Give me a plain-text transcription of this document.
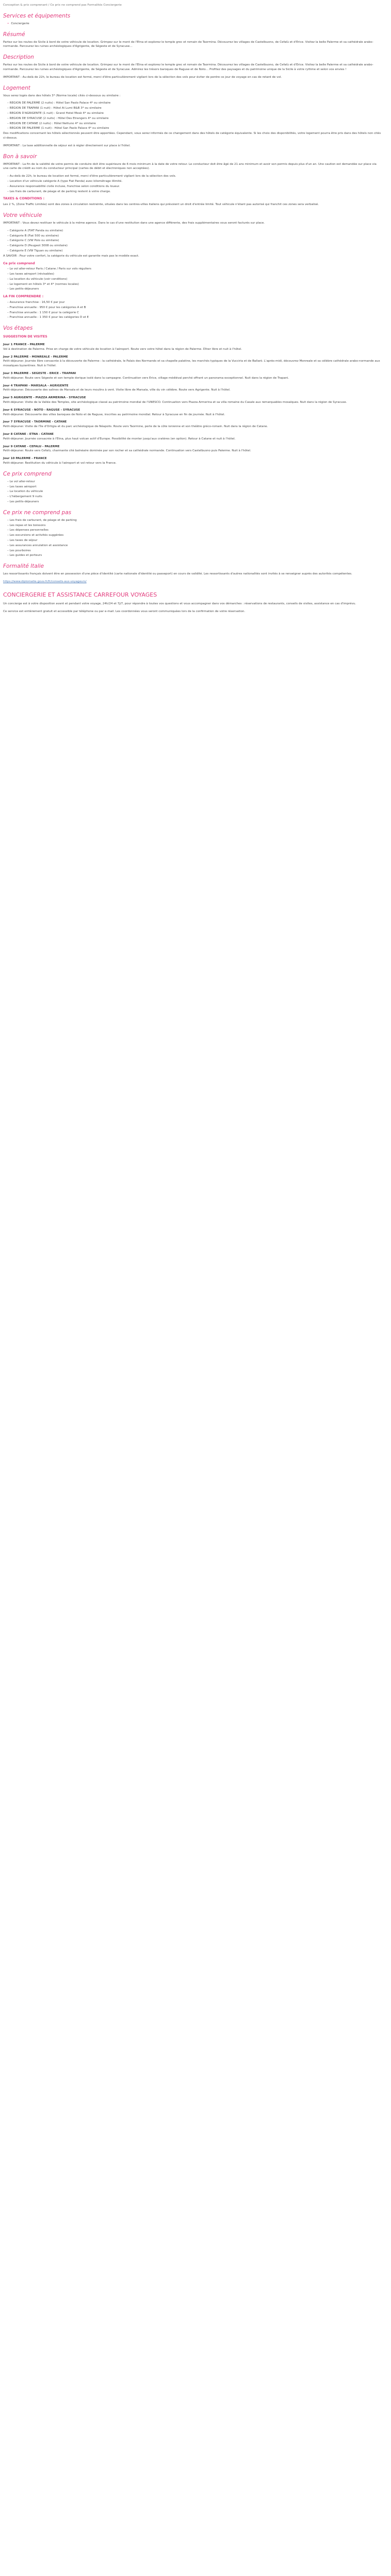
Conception & prix comprenant / Ce prix ne comprend pas Formalités Conciergerie
Services et équipements
• Conciergerie
Résumé

Partez sur les routes de Sicile à bord de votre véhicule de location. Grimpez sur le mont de l'Etna et explorez le temple grec et romain de Taormina. Découvrez les villages de Castelbuono, de Cefalù et d'Erice. Visitez la belle Palerme et sa cathédrale arabo-normande. Parcourez les ruines archéologiques d'Agrigente, de Ségeste et de Syracuse…

Description

Partez sur les routes de Sicile à bord de votre véhicule de location. Grimpez sur le mont de l'Etna et explorez le temple grec et romain de Taormina. Découvrez les villages de Castelbuono, de Cefalù et d'Erice. Visitez la belle Palerme et sa cathédrale arabo-normande. Parcourez les ruines archéologiques d'Agrigente, de Ségeste et de Syracuse. Admirez les trésors baroques de Raguse et de Noto… Profitez des paysages et du patrimoine unique de la Sicile à votre rythme et selon vos envies !

IMPORTANT : Au-delà de 22h, le bureau de location est fermé, merci d'être particulièrement vigilant lors de la sélection des vols pour éviter de perdre ce jour de voyage en cas de retard de vol.

Logement

Vous serez logés dans des hôtels 3* (Norme locale) cités ci-dessous ou similaire :

– REGION DE PALERME (2 nuits) : Hôtel San Paolo Palace 4* ou similaire
– REGION DE TRAPANI (1 nuit) : Hôtel Ai Lumi B&B 3* ou similaire
– REGION D'AGRIGENTE (1 nuit) : Grand Hotel Mosè 4* ou similaire
– REGION DE SYRACUSE (2 nuits) : Hôtel Des Etrangers 4* ou similaire
– REGION DE CATANE (2 nuits) : Hôtel Nettuno 4* ou similaire
– REGION DE PALERME (1 nuit) : Hôtel San Paolo Palace 4* ou similaire

Des modifications concernant les hôtels sélectionnés peuvent être apportées. Cependant, vous serez informés de ce changement dans des hôtels de catégorie équivalente. Si les choix des disponibilités, votre logement pourra être pris dans des hôtels non cités ci-dessus.

IMPORTANT : La taxe additionnelle de séjour est à régler directement sur place à l'hôtel.

Bon à savoir

IMPORTANT : La fin de la validité de votre permis de conduire doit être supérieure de 6 mois minimum à la date de votre retour. Le conducteur doit être âgé de 21 ans minimum et avoir son permis depuis plus d'un an. Une caution est demandée sur place via une carte de crédit au nom du conducteur principal (cartes de débit et électroniques non acceptées).

– Au-delà de 22h, le bureau de location est fermé, merci d'être particulièrement vigilant lors de la sélection des vols.
– Location d'un véhicule catégorie A (type Fiat Panda) avec kilométrage illimité.
– Assurance responsabilité civile incluse, franchise selon conditions du loueur.
– Les frais de carburant, de péage et de parking restent à votre charge.
TAXES & CONDITIONS :

Les 2 %, (Zone Traffic Limitée) sont des zones à circulation restreinte, situées dans les centres-villes italiens qui prévoient un droit d'entrée limité. Tout véhicule n'étant pas autorisé qui franchit ces zones sera verbalisé.

Votre véhicule

IMPORTANT : Vous devez restituer le véhicule à la même agence. Dans le cas d'une restitution dans une agence différente, des frais supplémentaires vous seront facturés sur place.

– Catégorie A (FIAT Panda ou similaire)
– Catégorie B (Fiat 500 ou similaire)
– Catégorie C (VW Polo ou similaire)
– Catégorie D (Peugeot 3008 ou similaire)
– Catégorie E (VW Tiguan ou similaire)

A SAVOIR : Pour votre confort, la catégorie du véhicule est garantie mais pas le modèle exact.

Ce prix comprend
– Le vol aller-retour Paris / Catane / Paris sur vols réguliers
– Les taxes aéroport (révisables)
– La location du véhicule (voir conditions)
– Le logement en hôtels 3* et 4* (normes locales)
– Les petits-déjeuners
LA FIN COMPRENDRE :
– Assurance franchise : 16,50 € par jour
– Franchise annuelle : 950 € pour les catégories A et B
– Franchise annuelle : 1 150 € pour la catégorie C
– Franchise annuelle : 1 350 € pour les catégories D et E
Vos étapes
SUGGESTION DE VISITES
Jour 1 FRANCE - PALERME
Vol à destination de Palerme. Prise en charge de votre véhicule de location à l'aéroport. Route vers votre hôtel dans la région de Palerme. Dîner libre et nuit à l'hôtel.
Jour 2 PALERME - MONREALE - PALERME
Petit-déjeuner. Journée libre consacrée à la découverte de Palerme : la cathédrale, le Palais des Normands et sa chapelle palatine, les marchés typiques de la Vucciria et de Ballarò. L'après-midi, découvrez Monreale et sa célèbre cathédrale arabo-normande aux mosaïques byzantines. Nuit à l'hôtel.
Jour 3 PALERME - SEGESTE - ERICE - TRAPANI
Petit-déjeuner. Route vers Ségeste et son temple dorique isolé dans la campagne. Continuation vers Erice, village médiéval perché offrant un panorama exceptionnel. Nuit dans la région de Trapani.
Jour 4 TRAPANI - MARSALA - AGRIGENTE
Petit-déjeuner. Découverte des salines de Marsala et de leurs moulins à vent. Visite libre de Marsala, ville du vin célèbre. Route vers Agrigente. Nuit à l'hôtel.
Jour 5 AGRIGENTE - PIAZZA ARMERINA - SYRACUSE
Petit-déjeuner. Visite de la Vallée des Temples, site archéologique classé au patrimoine mondial de l'UNESCO. Continuation vers Piazza Armerina et sa villa romaine du Casale aux remarquables mosaïques. Nuit dans la région de Syracuse.
Jour 6 SYRACUSE - NOTO - RAGUSE - SYRACUSE
Petit-déjeuner. Découverte des villes baroques de Noto et de Raguse, inscrites au patrimoine mondial. Retour à Syracuse en fin de journée. Nuit à l'hôtel.
Jour 7 SYRACUSE - TAORMINE - CATANE
Petit-déjeuner. Visite de l'île d'Ortigia et du parc archéologique de Néapolis. Route vers Taormine, perle de la côte ionienne et son théâtre gréco-romain. Nuit dans la région de Catane.
Jour 8 CATANE - ETNA - CATANE
Petit-déjeuner. Journée consacrée à l'Etna, plus haut volcan actif d'Europe. Possibilité de monter jusqu'aux cratères (en option). Retour à Catane et nuit à l'hôtel.
Jour 9 CATANE - CEFALU - PALERME
Petit-déjeuner. Route vers Cefalù, charmante cité balnéaire dominée par son rocher et sa cathédrale normande. Continuation vers Castelbuono puis Palerme. Nuit à l'hôtel.
Jour 10 PALERME - FRANCE
Petit-déjeuner. Restitution du véhicule à l'aéroport et vol retour vers la France.
Ce prix comprend
– Le vol aller-retour
– Les taxes aéroport
– La location du véhicule
– L'hébergement 9 nuits
– Les petits-déjeuners
Ce prix ne comprend pas
– Les frais de carburant, de péage et de parking
– Les repas et les boissons
– Les dépenses personnelles
– Les excursions et activités suggérées
– Les taxes de séjour
– Les assurances annulation et assistance
– Les pourboires
– Les guides et porteurs
Formalité Italie

Les ressortissants français doivent être en possession d'une pièce d'identité (carte nationale d'identité ou passeport) en cours de validité. Les ressortissants d'autres nationalités sont invités à se renseigner auprès des autorités compétentes.

https://www.diplomatie.gouv.fr/fr/conseils-aux-voyageurs/

CONCIERGERIE ET ASSISTANCE CARREFOUR VOYAGES

Un concierge est à votre disposition avant et pendant votre voyage, 24h/24 et 7j/7, pour répondre à toutes vos questions et vous accompagner dans vos démarches : réservations de restaurants, conseils de visites, assistance en cas d'imprévu.

Ce service est entièrement gratuit et accessible par téléphone ou par e-mail. Les coordonnées vous seront communiquées lors de la confirmation de votre réservation.
